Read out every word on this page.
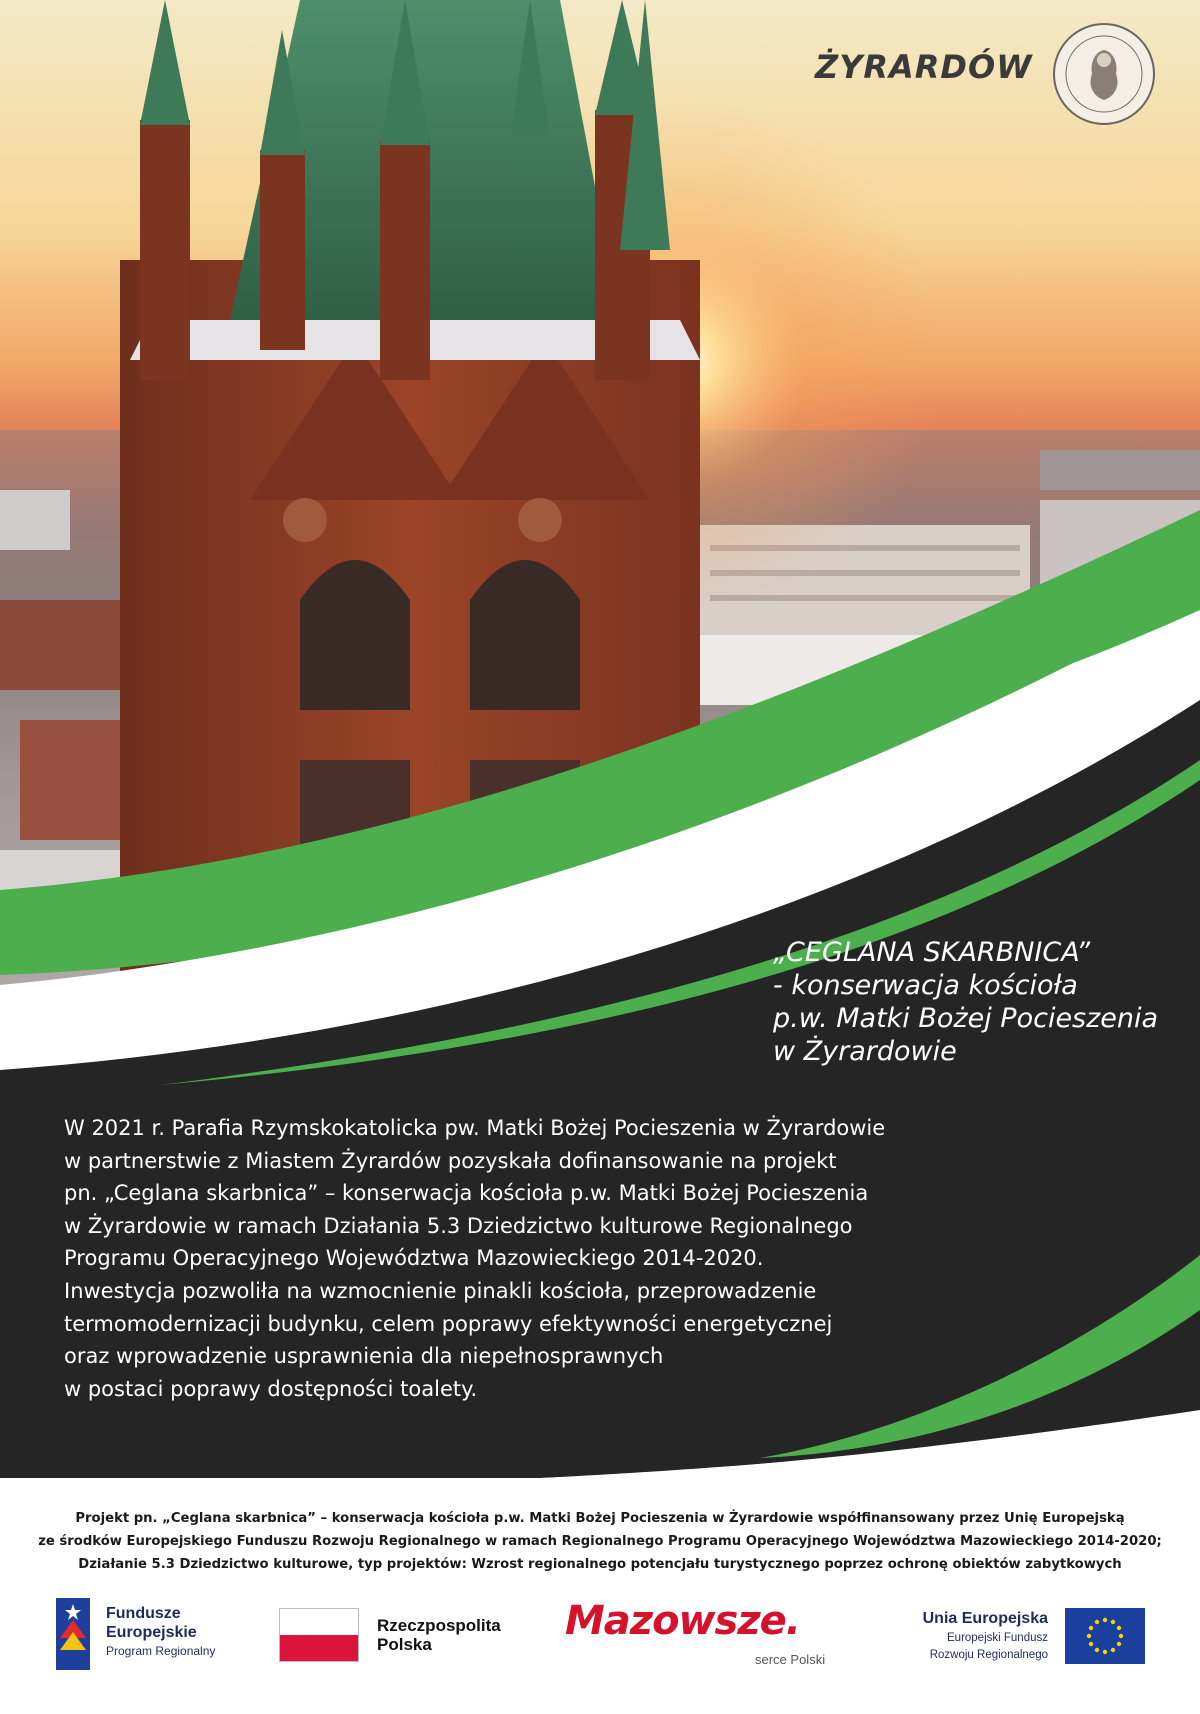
ŻYRARDÓW
„CEGLANA SKARBNICA”
- konserwacja kościoła
p.w. Matki Bożej Pocieszenia
w Żyrardowie
W 2021 r. Parafia Rzymskokatolicka pw. Matki Bożej Pocieszenia w Żyrardowie
w partnerstwie z Miastem Żyrardów pozyskała dofinansowanie na projekt
pn. „Ceglana skarbnica” – konserwacja kościoła p.w. Matki Bożej Pocieszenia
w Żyrardowie w ramach Działania 5.3 Dziedzictwo kulturowe Regionalnego
Programu Operacyjnego Województwa Mazowieckiego 2014-2020.
Inwestycja pozwoliła na wzmocnienie pinakli kościoła, przeprowadzenie
termomodernizacji budynku, celem poprawy efektywności energetycznej
oraz wprowadzenie usprawnienia dla niepełnosprawnych
w postaci poprawy dostępności toalety.
Projekt pn. „Ceglana skarbnica” – konserwacja kościoła p.w. Matki Bożej Pocieszenia w Żyrardowie współfinansowany przez Unię Europejską
ze środków Europejskiego Funduszu Rozwoju Regionalnego w ramach Regionalnego Programu Operacyjnego Województwa Mazowieckiego 2014-2020;
Działanie 5.3 Dziedzictwo kulturowe, typ projektów: Wzrost regionalnego potencjału turystycznego poprzez ochronę obiektów zabytkowych
Fundusze
Europejskie
Program Regionalny
Rzeczpospolita
Polska
Mazowsze.
serce Polski
Unia Europejska
Europejski Fundusz
Rozwoju Regionalnego
